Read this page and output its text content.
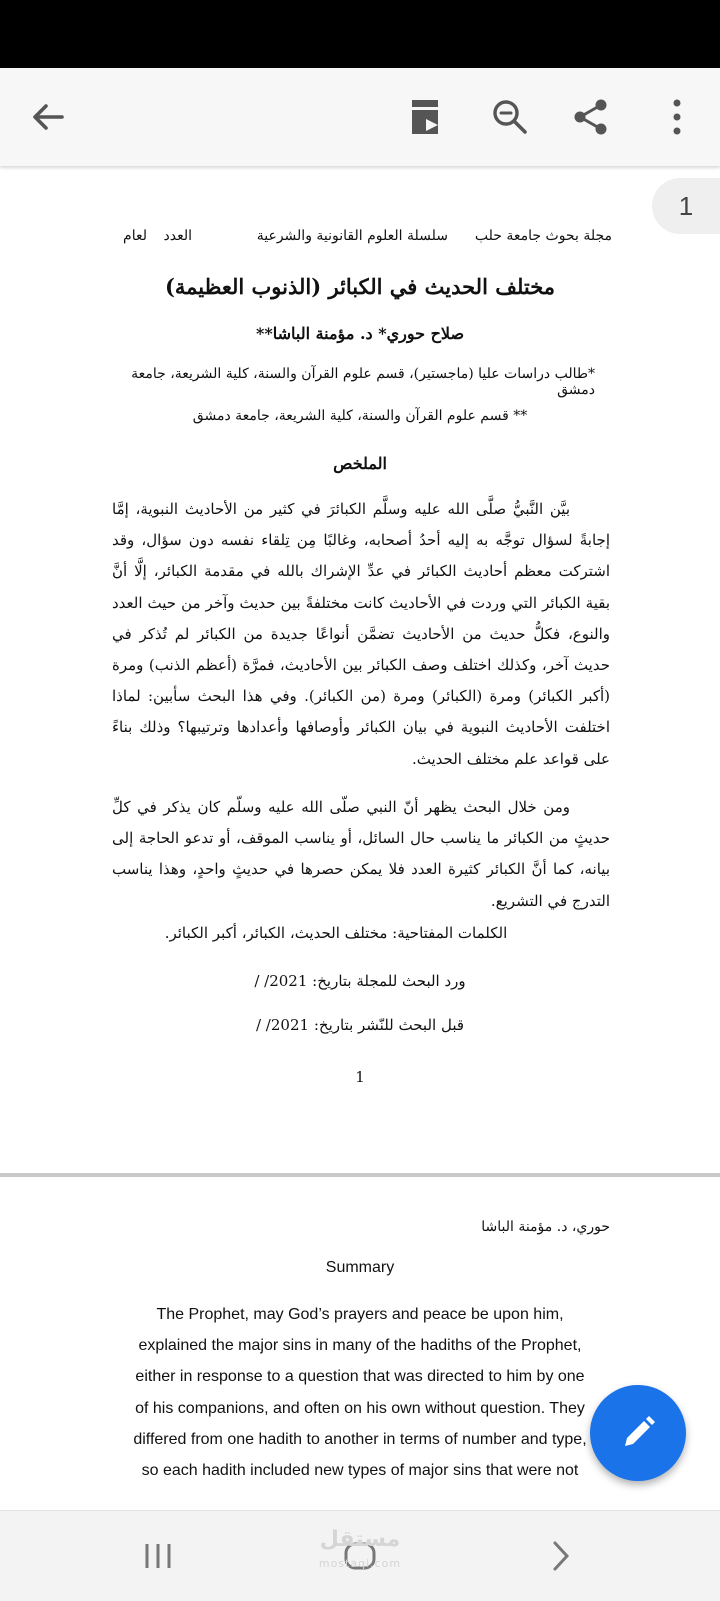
مجلة بحوث جامعة حلب
سلسلة العلوم القانونية والشرعية
العدد
لعام
مختلف الحديث في الكبائر (الذنوب العظيمة)
صلاح حوري* د. مؤمنة الباشا**
*طالب دراسات عليا (ماجستير)، قسم علوم القرآن والسنة، كلية الشريعة، جامعة دمشق
** قسم علوم القرآن والسنة، كلية الشريعة، جامعة دمشق
الملخص
بيَّن النَّبيُّ صلَّى الله عليه وسلَّم الكبائرَ في كثير من الأحاديث النبوية، إمَّا إجابةً لسؤال توجَّه به إليه أحدُ أصحابه، وغالبًا مِن تِلقاء نفسه دون سؤال، وقد اشتركت معظم أحاديث الكبائر في عدِّ الإشراك بالله في مقدمة الكبائر، إلَّا أنَّ بقية الكبائر التي وردت في الأحاديث كانت مختلفةً بين حديث وآخر من حيث العدد والنوع، فكلُّ حديث من الأحاديث تضمَّن أنواعًا جديدة من الكبائر لم تُذكر في حديث آخر، وكذلك اختلف وصف الكبائر بين الأحاديث، فمرَّة (أعظم الذنب) ومرة (أكبر الكبائر) ومرة (الكبائر) ومرة (من الكبائر). وفي هذا البحث سأبين: لماذا اختلفت الأحاديث النبوية في بيان الكبائر وأوصافها وأعدادها وترتيبها؟ وذلك بناءً على قواعد علم مختلف الحديث.
ومن خلال البحث يظهر أنّ النبي صلّى الله عليه وسلّم كان يذكر في كلِّ حديثٍ من الكبائر ما يناسب حال السائل، أو يناسب الموقف، أو تدعو الحاجة إلى بيانه، كما أنَّ الكبائر كثيرة العدد فلا يمكن حصرها في حديثٍ واحدٍ، وهذا يناسب التدرج في التشريع.
الكلمات المفتاحية: مختلف الحديث، الكبائر، أكبر الكبائر.
ورد البحث للمجلة بتاريخ: / /2021
قبل البحث للنّشر بتاريخ: / /2021
1
حوري، د. مؤمنة الباشا
Summary
The Prophet, may God’s prayers and peace be upon him,
explained the major sins in many of the hadiths of the Prophet,
either in response to a question that was directed to him by one
of his companions, and often on his own without question. They
differed from one hadith to another in terms of number and type,
so each hadith included new types of major sins that were not
1
مستقل
mostaql.com
